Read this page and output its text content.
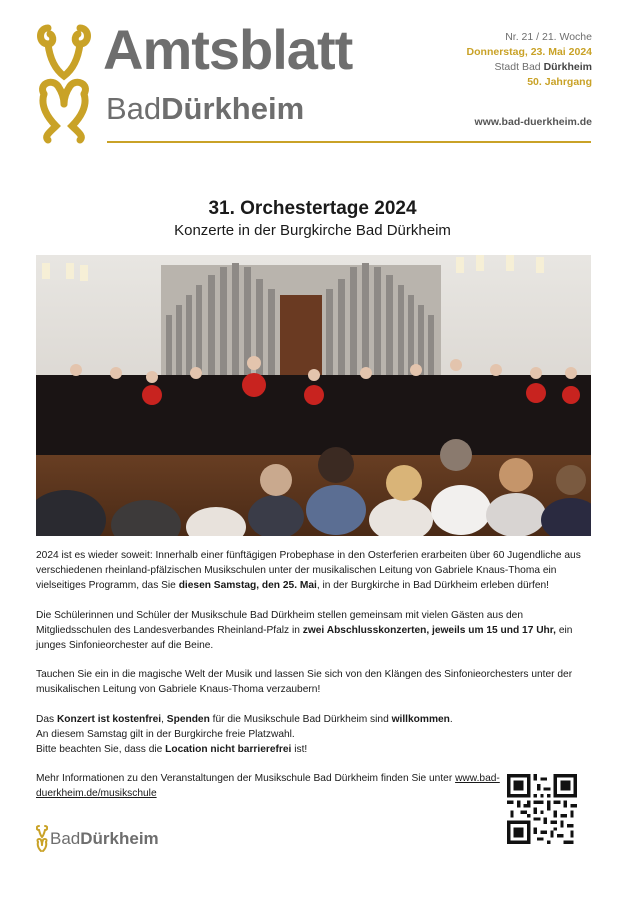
Amtsblatt
BadDürkheim
Nr. 21 / 21. Woche
Donnerstag, 23. Mai 2024
Stadt Bad Dürkheim
50. Jahrgang
www.bad-duerkheim.de
31. Orchestertage 2024
Konzerte in der Burgkirche Bad Dürkheim

2024 ist es wieder soweit: Innerhalb einer fünftägigen Probephase in den Osterferien erarbeiten über 60 Jugendliche aus verschiedenen rheinland-pfälzischen Musikschulen unter der musikalischen Leitung von Gabriele Knaus-Thoma ein vielseitiges Programm, das Sie diesen Samstag, den 25. Mai, in der Burgkirche in Bad Dürkheim erleben dürfen!

Die Schülerinnen und Schüler der Musikschule Bad Dürkheim stellen gemeinsam mit vielen Gästen aus den Mitgliedsschulen des Landesverbandes Rheinland-Pfalz in zwei Abschlusskonzerten, jeweils um 15 und 17 Uhr, ein junges Sinfonieorchester auf die Beine.

Tauchen Sie ein in die magische Welt der Musik und lassen Sie sich von den Klängen des Sinfonieorchesters unter der musikalischen Leitung von Gabriele Knaus-Thoma verzaubern!

Das Konzert ist kostenfrei, Spenden für die Musikschule Bad Dürkheim sind willkommen.
An diesem Samstag gilt in der Burgkirche freie Platzwahl.
Bitte beachten Sie, dass die Location nicht barrierefrei ist!

Mehr Informationen zu den Veranstaltungen der Musikschule Bad Dürkheim finden Sie unter www.bad-duerkheim.de/musikschule

BadDürkheim
